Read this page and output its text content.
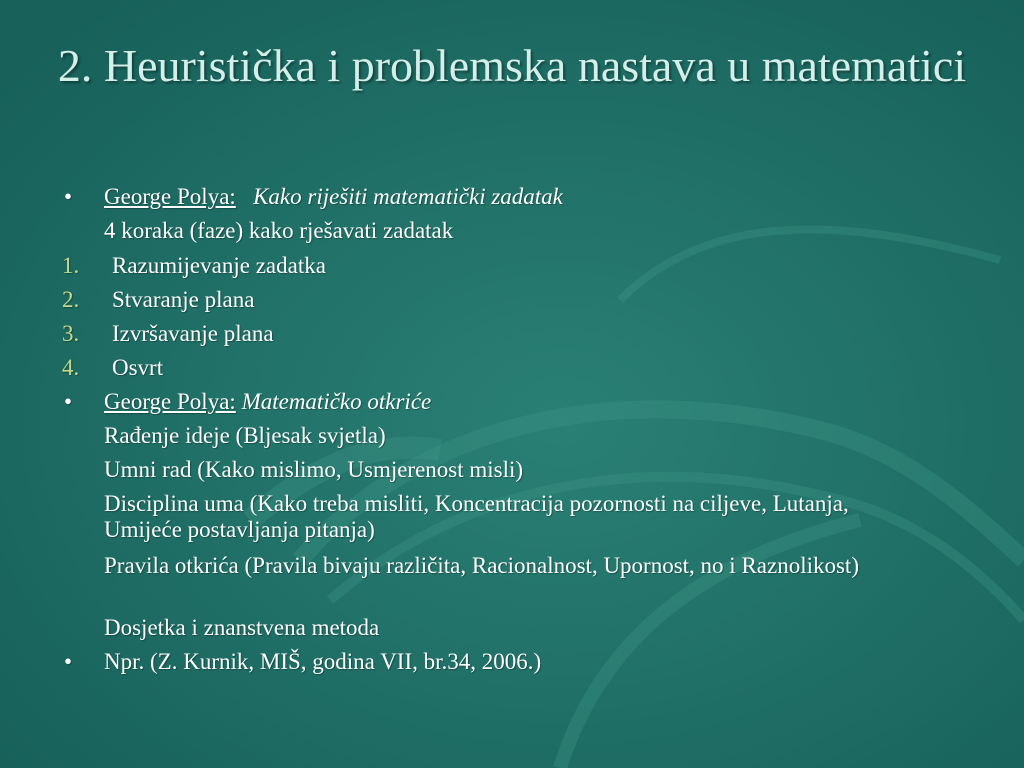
2. Heuristička i problemska nastava u matematici
• George Polya: Kako riješiti matematički zadatak
4 koraka (faze) kako rješavati zadatak
1. Razumijevanje zadatka
2. Stvaranje plana
3. Izvršavanje plana
4. Osvrt
• George Polya: Matematičko otkriće
Rađenje ideje (Bljesak svjetla)
Umni rad (Kako mislimo, Usmjerenost misli)
Disciplina uma (Kako treba misliti, Koncentracija pozornosti na ciljeve, Lutanja, Umijeće postavljanja pitanja)
Pravila otkrića (Pravila bivaju različita, Racionalnost, Upornost, no i Raznolikost)
Dosjetka i znanstvena metoda
• Npr. (Z. Kurnik, MIŠ, godina VII, br.34, 2006.)
